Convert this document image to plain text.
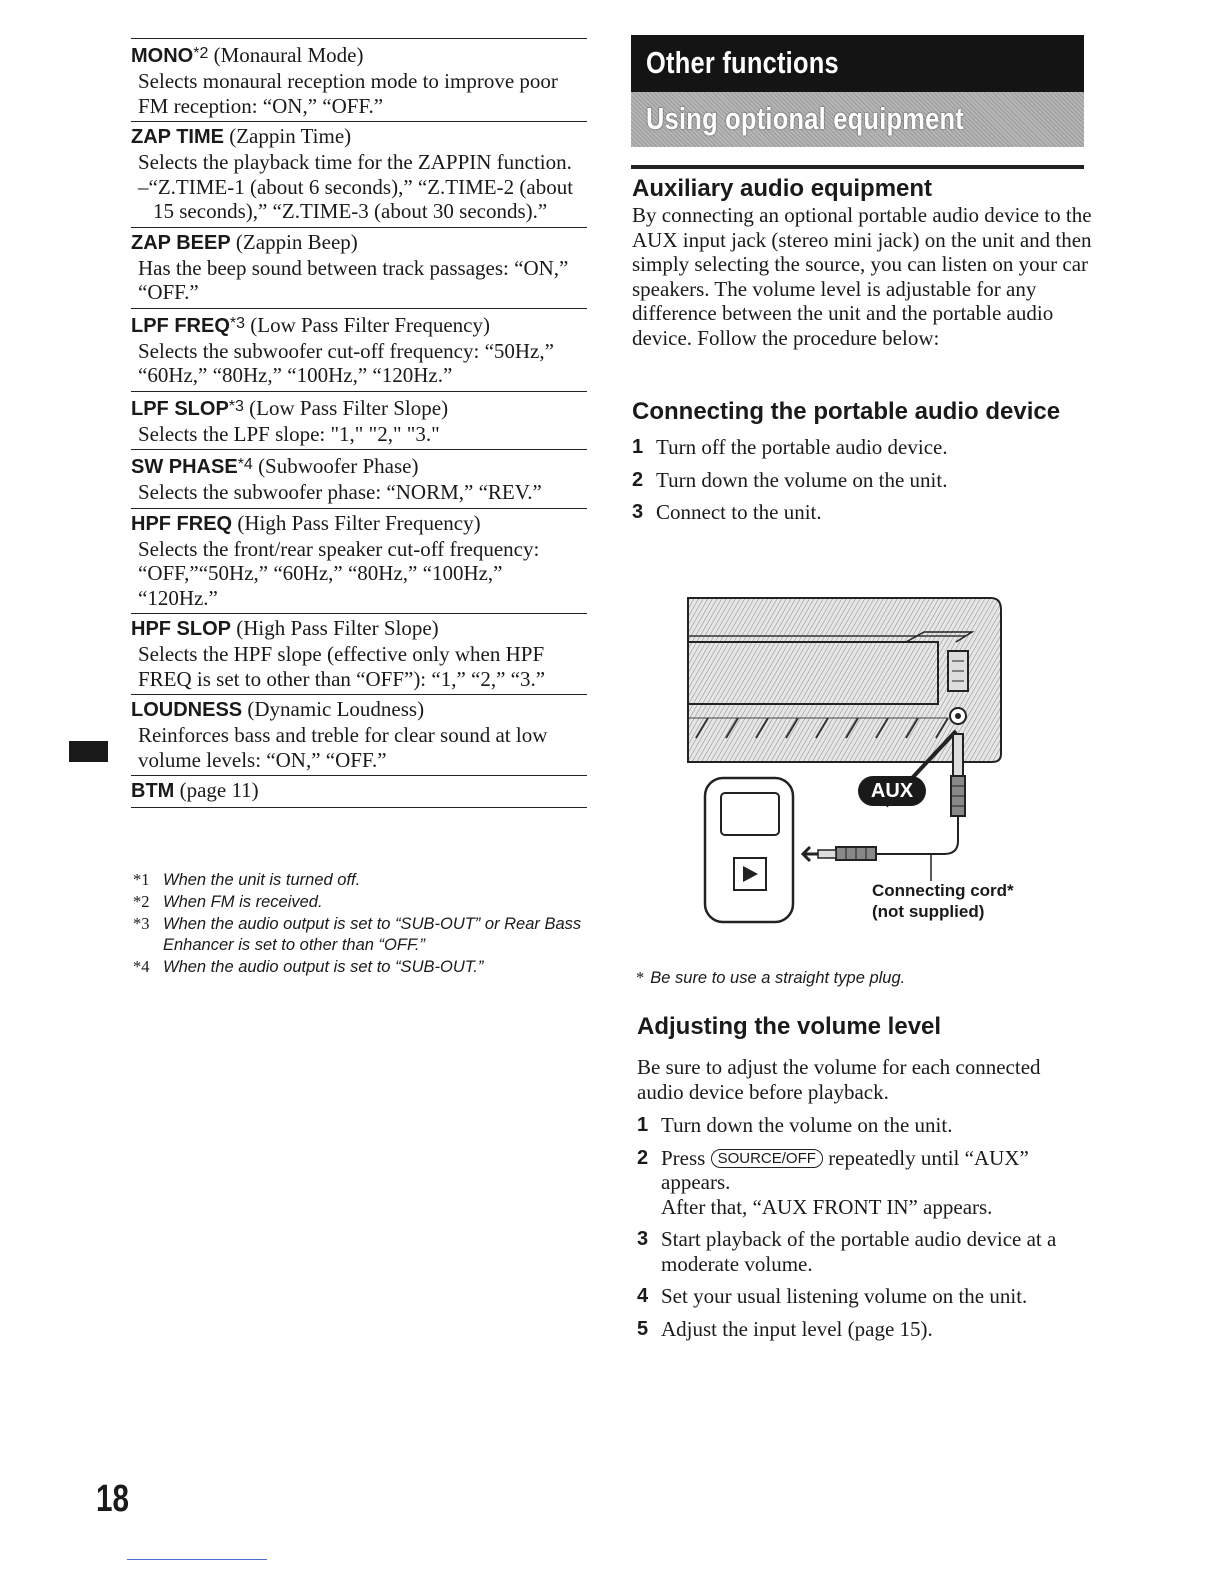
MONO$^{*2}$ (Monaural Mode)
Selects monaural reception mode to improve poor FM reception: “ON,” “OFF.”
ZAP TIME (Zappin Time)
Selects the playback time for the ZAPPIN function.
–“Z.TIME-1 (about 6 seconds),” “Z.TIME-2 (about 15 seconds),” “Z.TIME-3 (about 30 seconds).”
ZAP BEEP (Zappin Beep)
Has the beep sound between track passages: “ON,” “OFF.”
LPF FREQ$^{*3}$ (Low Pass Filter Frequency)
Selects the subwoofer cut-off frequency: “50Hz,” “60Hz,” “80Hz,” “100Hz,” “120Hz.”
LPF SLOP$^{*3}$ (Low Pass Filter Slope)
Selects the LPF slope: "1," "2," "3."
SW PHASE$^{*4}$ (Subwoofer Phase)
Selects the subwoofer phase: “NORM,” “REV.”
HPF FREQ (High Pass Filter Frequency)
Selects the front/rear speaker cut-off frequency: “OFF,”“50Hz,” “60Hz,” “80Hz,” “100Hz,” “120Hz.”
HPF SLOP (High Pass Filter Slope)
Selects the HPF slope (effective only when HPF FREQ is set to other than “OFF”): “1,” “2,” “3.”
LOUDNESS (Dynamic Loudness)
Reinforces bass and treble for clear sound at low volume levels: “ON,” “OFF.”
BTM (page 11)
*1 When the unit is turned off.
*2 When FM is received.
*3 When the audio output is set to “SUB-OUT” or Rear Bass Enhancer is set to other than “OFF.”
*4 When the audio output is set to “SUB-OUT.”
Other functions
Using optional equipment
Auxiliary audio equipment
By connecting an optional portable audio device to the AUX input jack (stereo mini jack) on the unit and then simply selecting the source, you can listen on your car speakers. The volume level is adjustable for any difference between the unit and the portable audio device. Follow the procedure below:
Connecting the portable audio device
1 Turn off the portable audio device.
2 Turn down the volume on the unit.
3 Connect to the unit.
AUX
Connecting cord*
(not supplied)
* Be sure to use a straight type plug.
Adjusting the volume level
Be sure to adjust the volume for each connected audio device before playback.
1 Turn down the volume on the unit.
2 Press SOURCE/OFF repeatedly until “AUX” appears.
After that, “AUX FRONT IN” appears.
3 Start playback of the portable audio device at a moderate volume.
4 Set your usual listening volume on the unit.
5 Adjust the input level (page 15).
18
